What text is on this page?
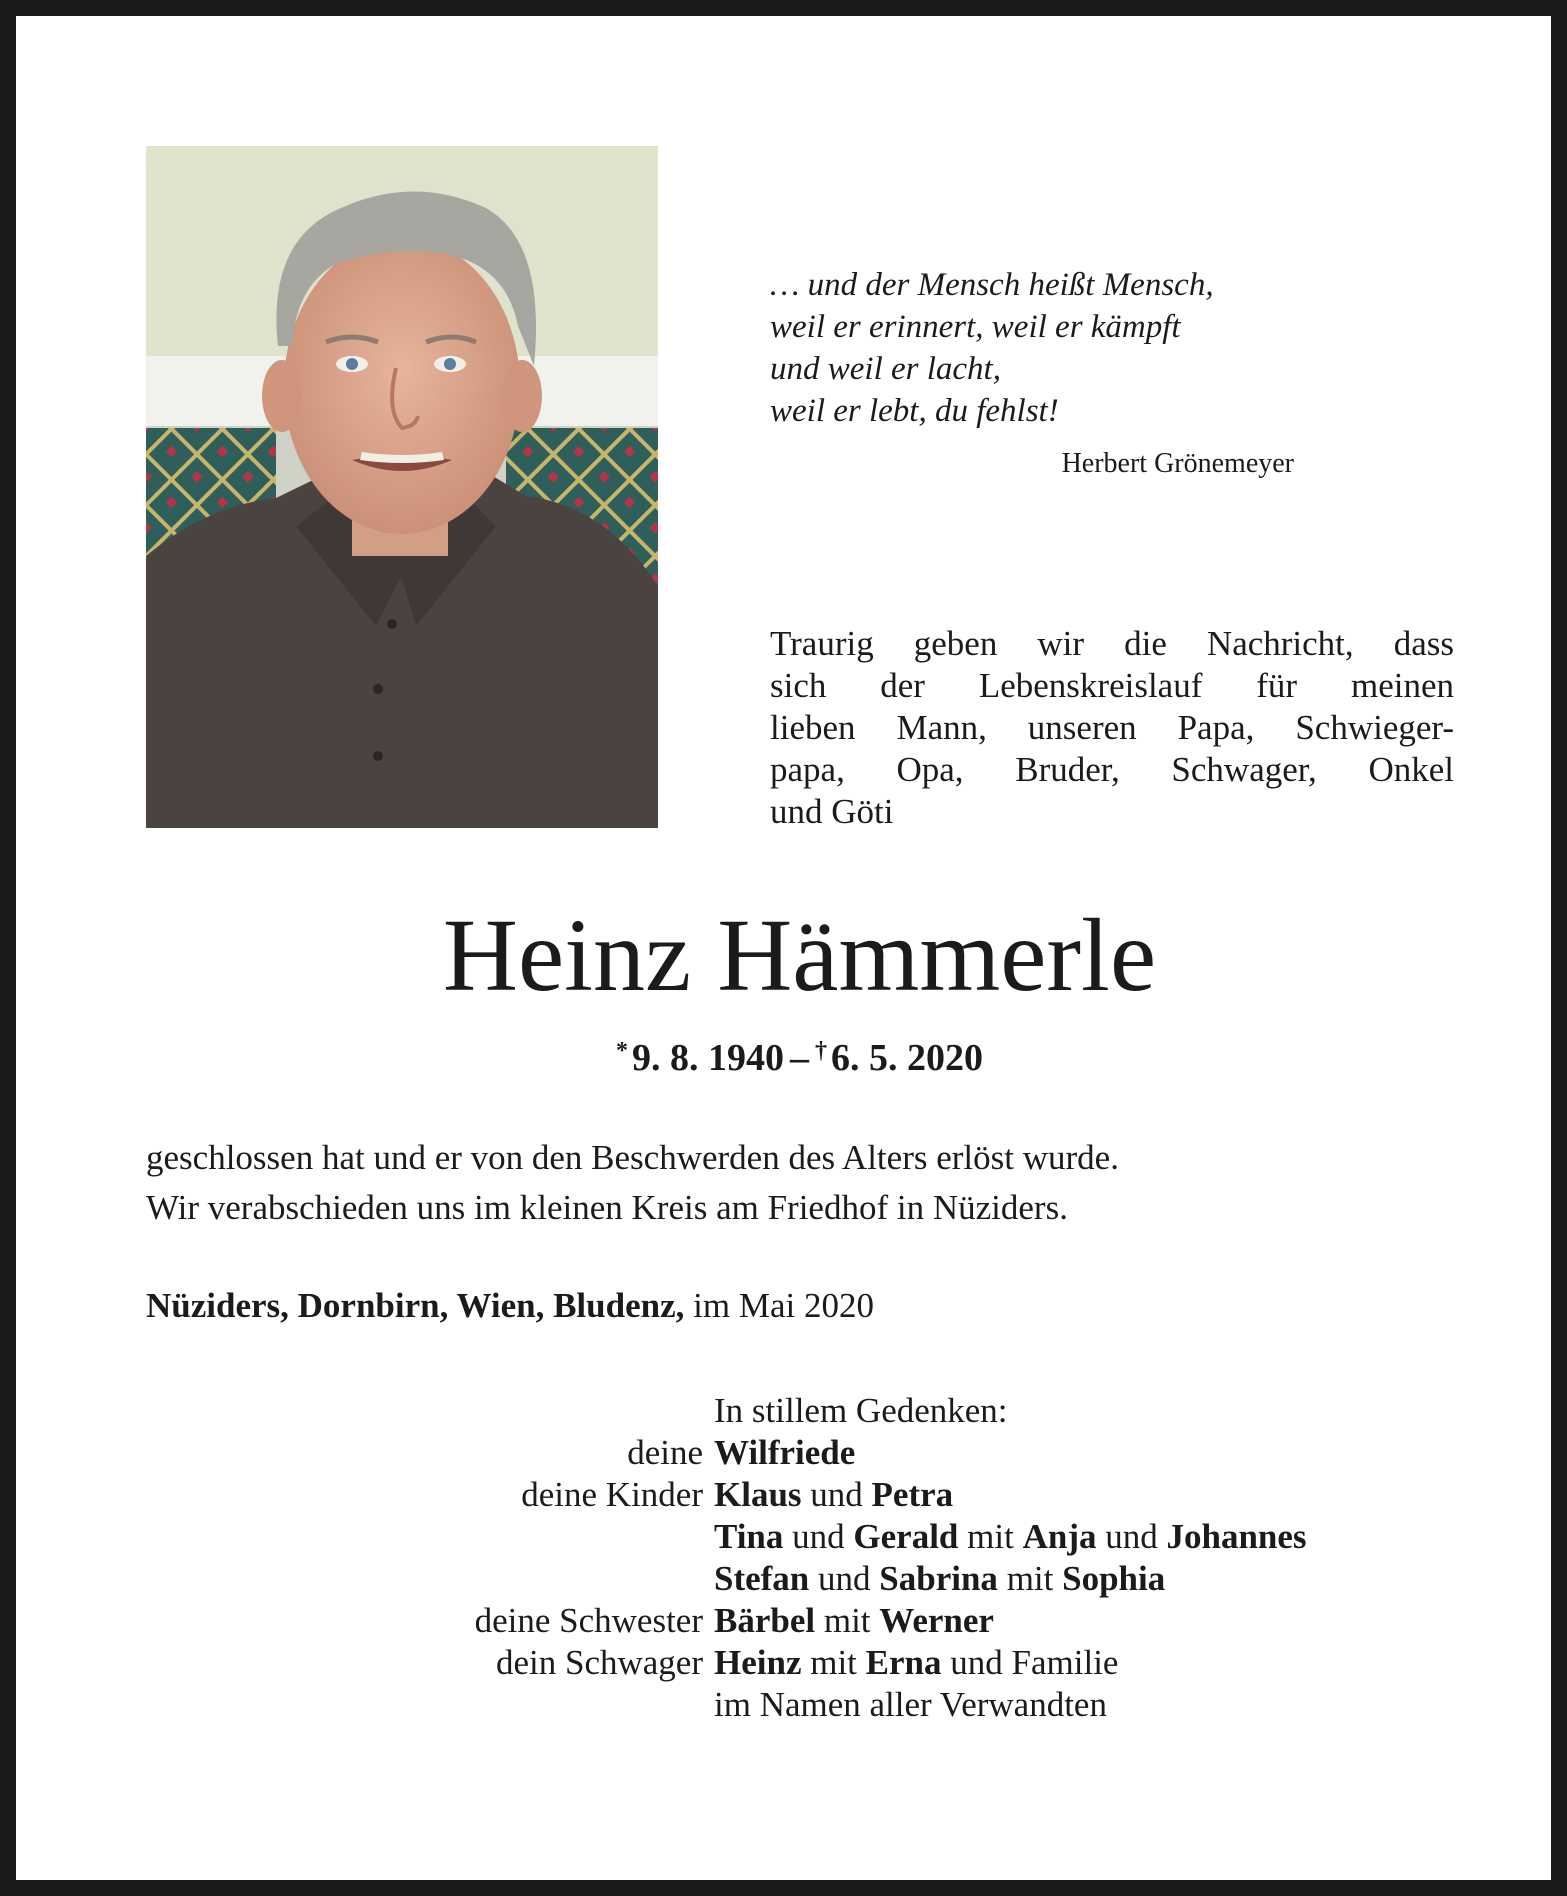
… und der Mensch heißt Mensch,
weil er erinnert, weil er kämpft
und weil er lacht,
weil er lebt, du fehlst!
Herbert Grönemeyer
Traurig geben wir die Nachricht, dass
sich der Lebenskreislauf für meinen
lieben Mann, unseren Papa, Schwieger-
papa, Opa, Bruder, Schwager, Onkel
und Göti
Heinz Hämmerle
* 9. 8. 1940 – † 6. 5. 2020
geschlossen hat und er von den Beschwerden des Alters erlöst wurde.
Wir verabschieden uns im kleinen Kreis am Friedhof in Nüziders.
Nüziders, Dornbirn, Wien, Bludenz, im Mai 2020
In stillem Gedenken:
deine Wilfriede
deine Kinder Klaus und Petra
Tina und Gerald mit Anja und Johannes
Stefan und Sabrina mit Sophia
deine Schwester Bärbel mit Werner
dein Schwager Heinz mit Erna und Familie
im Namen aller Verwandten
